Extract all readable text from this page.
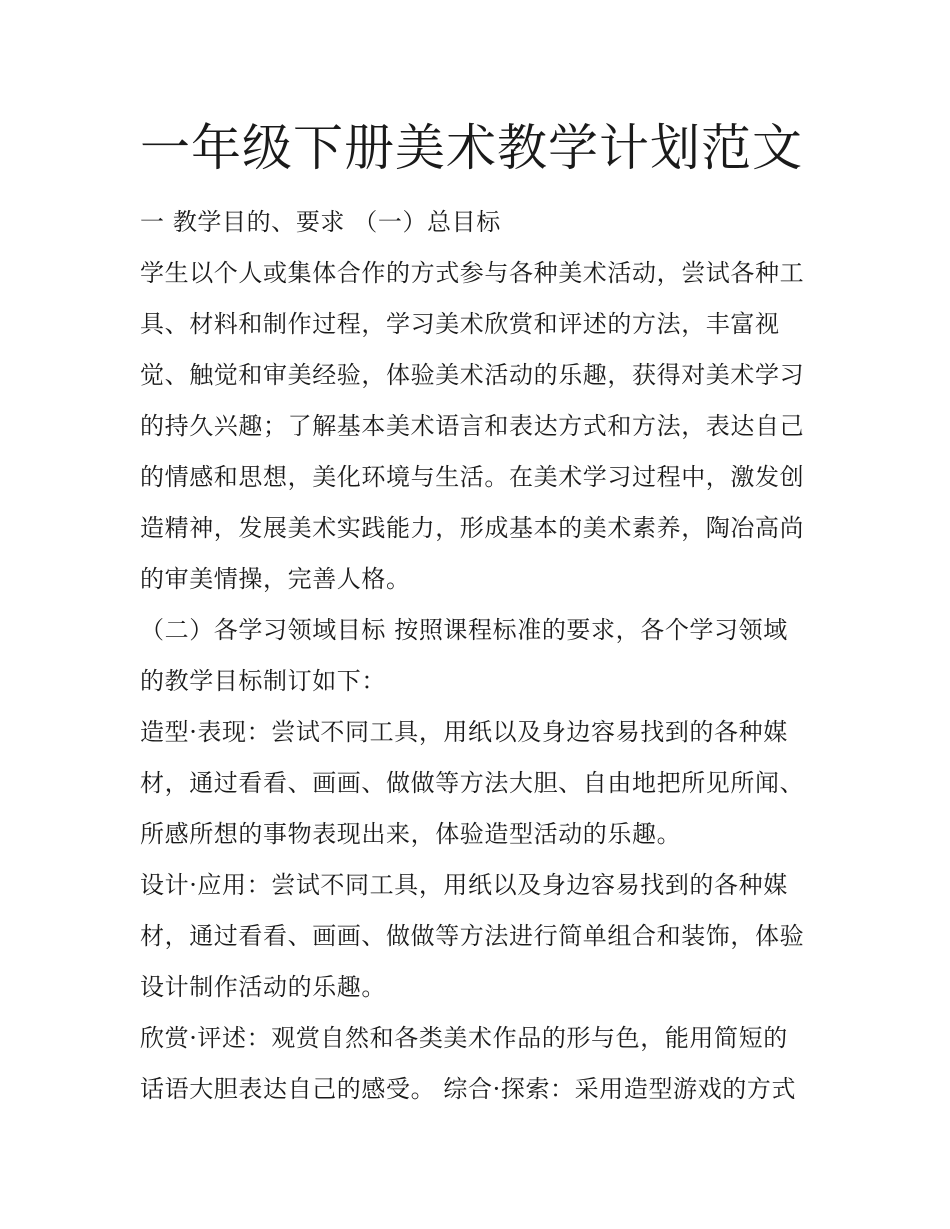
一年级下册美术教学计划范文
一 教学目的、要求 （一）总目标
学生以个人或集体合作的方式参与各种美术活动，尝试各种工
具、材料和制作过程，学习美术欣赏和评述的方法，丰富视
觉、触觉和审美经验，体验美术活动的乐趣，获得对美术学习
的持久兴趣；了解基本美术语言和表达方式和方法，表达自己
的情感和思想，美化环境与生活。在美术学习过程中，激发创
造精神，发展美术实践能力，形成基本的美术素养，陶冶高尚
的审美情操，完善人格。
（二）各学习领域目标 按照课程标准的要求，各个学习领域
的教学目标制订如下：
造型·表现：尝试不同工具，用纸以及身边容易找到的各种媒
材，通过看看、画画、做做等方法大胆、自由地把所见所闻、
所感所想的事物表现出来，体验造型活动的乐趣。
设计·应用：尝试不同工具，用纸以及身边容易找到的各种媒
材，通过看看、画画、做做等方法进行简单组合和装饰，体验
设计制作活动的乐趣。
欣赏·评述：观赏自然和各类美术作品的形与色，能用简短的
话语大胆表达自己的感受。 综合·探索：采用造型游戏的方式
